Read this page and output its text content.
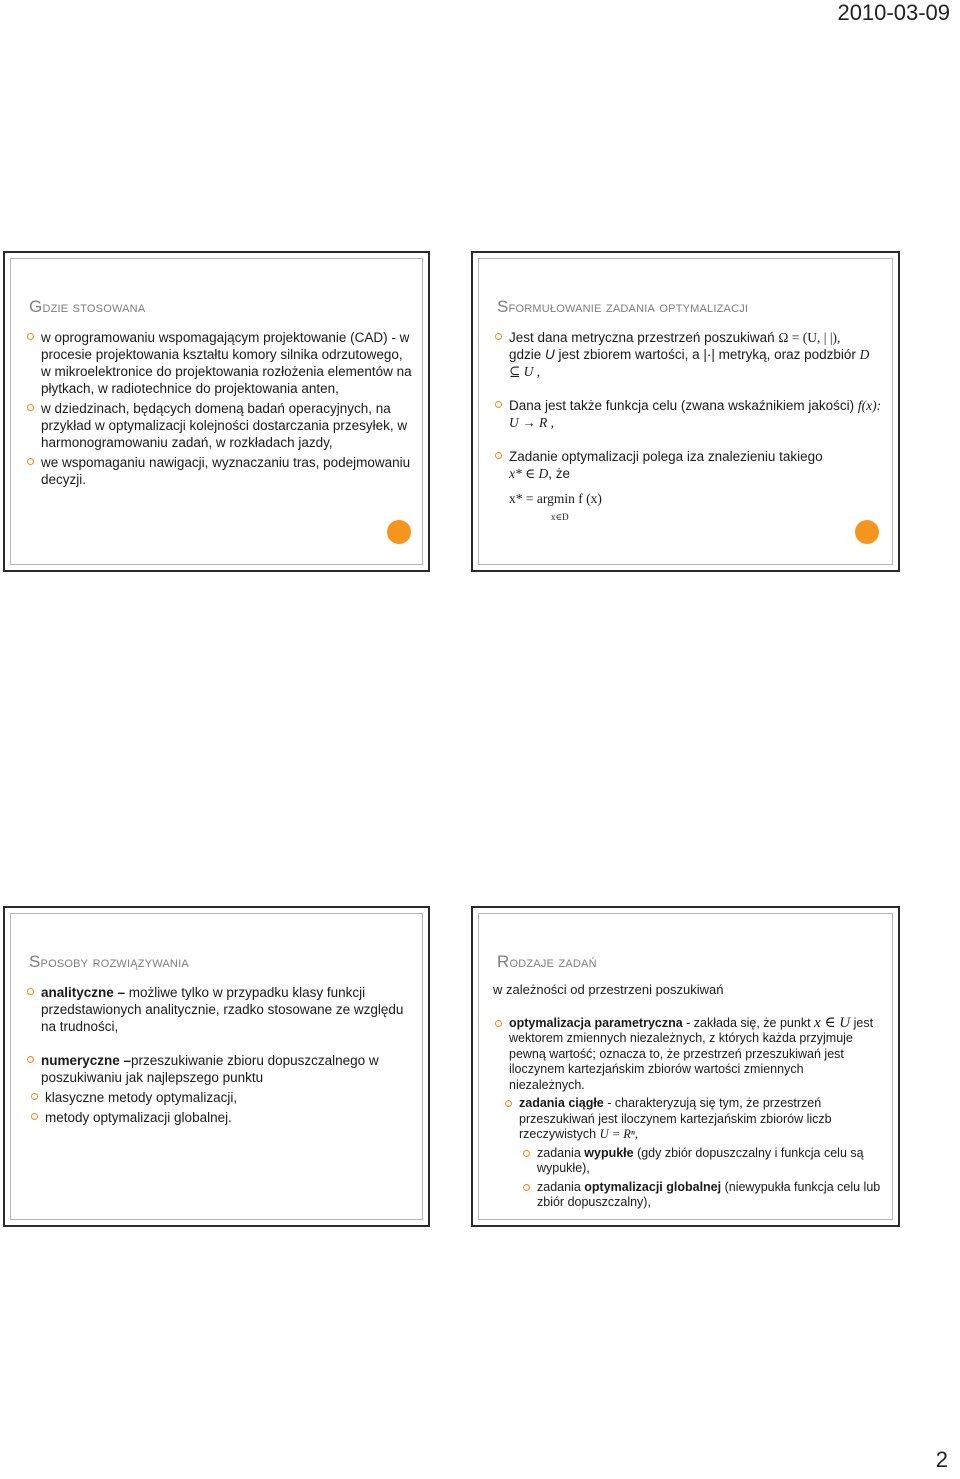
2010-03-09
Gdzie stosowana
w oprogramowaniu wspomagającym projektowanie (CAD) - w procesie projektowania kształtu komory silnika odrzutowego, w mikroelektronice do projektowania rozłożenia elementów na płytkach, w radiotechnice do projektowania anten,
w dziedzinach, będących domeną badań operacyjnych, na przykład w optymalizacji kolejności dostarczania przesyłek, w harmonogramowaniu zadań, w rozkładach jazdy,
we wspomaganiu nawigacji, wyznaczaniu tras, podejmowaniu decyzji.
Sformułowanie zadania optymalizacji
Jest dana metryczna przestrzeń poszukiwań Ω = (U, | |),
gdzie U jest zbiorem wartości, a |·| metryką, oraz podzbiór D ⊆ U ,
Dana jest także funkcja celu (zwana wskaźnikiem jakości) f(x): U → R ,
Zadanie optymalizacji polega iza znalezieniu takiego
x* ∈ D, że
x* = argmin f (x)
x∈D
Sposoby rozwiązywania
analityczne – możliwe tylko w przypadku klasy funkcji przedstawionych analitycznie, rzadko stosowane ze względu na trudności,
numeryczne –przeszukiwanie zbioru dopuszczalnego w poszukiwaniu jak najlepszego punktu
klasyczne metody optymalizacji,
metody optymalizacji globalnej.
Rodzaje zadań
w zależności od przestrzeni poszukiwań
optymalizacja parametryczna - zakłada się, że punkt x ∈ U jest wektorem zmiennych niezależnych, z których każda przyjmuje pewną wartość; oznacza to, że przestrzeń przeszukiwań jest iloczynem kartezjańskim zbiorów wartości zmiennych niezależnych.
zadania ciągłe - charakteryzują się tym, że przestrzeń przeszukiwań jest iloczynem kartezjańskim zbiorów liczb rzeczywistych U = Rⁿ,
zadania wypukłe (gdy zbiór dopuszczalny i funkcja celu są wypukłe),
zadania optymalizacji globalnej (niewypukła funkcja celu lub zbiór dopuszczalny),
2
